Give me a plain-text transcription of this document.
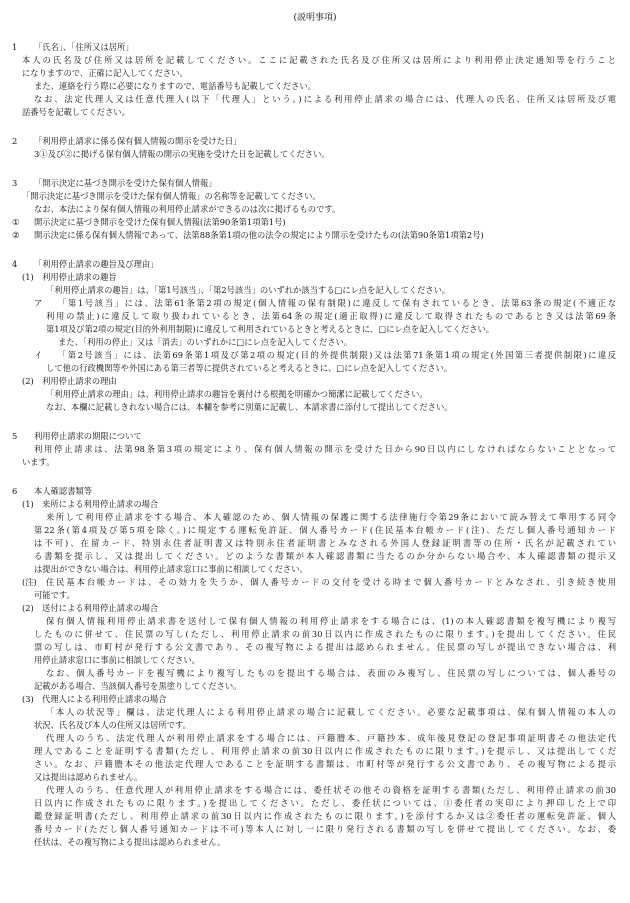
(説明事項)
1 「氏名」、「住所又は居所」
本人の氏名及び住所又は居所を記載してください。ここに記載された氏名及び住所又は居所により利用停止決定通知等を行うこと
になりますので、正確に記入してください。
また、連絡を行う際に必要になりますので、電話番号も記載してください。
なお、法定代理人又は任意代理人(以下「代理人」という。)による利用停止請求の場合には、代理人の氏名、住所又は居所及び電
話番号を記載してください。
2 「利用停止請求に係る保有個人情報の開示を受けた日」
3①及び②に掲げる保有個人情報の開示の実施を受けた日を記載してください。
3 「開示決定に基づき開示を受けた保有個人情報」
「開示決定に基づき開示を受けた保有個人情報」の名称等を記載してください。
なお、本法により保有個人情報の利用停止請求ができるのは次に掲げるものです。
① 開示決定に基づき開示を受けた保有個人情報(法第90条第1項第1号)
② 開示決定に係る保有個人情報であって、法第88条第1項の他の法令の規定により開示を受けたもの(法第90条第1項第2号)
4 「利用停止請求の趣旨及び理由」
(1)　利用停止請求の趣旨
「利用停止請求の趣旨」は、「第1号該当」、「第2号該当」のいずれか該当する□にレ点を記入してください。
ア 「第1号該当」には、法第61条第2項の規定(個人情報の保有制限)に違反して保有されているとき、法第63条の規定(不適正な
利用の禁止)に違反して取り扱われているとき、法第64条の規定(適正取得)に違反して取得されたものであるとき又は法第69条
第1項及び第2項の規定(目的外利用制限)に違反して利用されているときと考えるときに、□にレ点を記入してください。
また、「利用の停止」又は「消去」のいずれかに□にレ点を記入してください。
イ 「第2号該当」には、法第69条第1項及び第2項の規定(目的外提供制限)又は法第71条第1項の規定(外国第三者提供制限)に違反
して他の行政機関等や外国にある第三者等に提供されていると考えるときに、□にレ点を記入してください。
(2)　利用停止請求の理由
「利用停止請求の理由」は、利用停止請求の趣旨を裏付ける根拠を明確かつ簡潔に記載してください。
なお、本欄に記載しきれない場合には、本欄を参考に別葉に記載し、本請求書に添付して提出してください。
5 利用停止請求の期限について
利用停止請求は、法第98条第3項の規定により、保有個人情報の開示を受けた日から90日以内にしなければならないこととなって
います。
6 本人確認書類等
(1)　来所による利用停止請求の場合
来所して利用停止請求をする場合、本人確認のため、個人情報の保護に関する法律施行令第29条において読み替えて準用する同令
第22条(第4項及び第5項を除く。)に規定する運転免許証、個人番号カード(住民基本台帳カード(注)、ただし個人番号通知カード
は不可)、在留カード、特別永住者証明書又は特別永住者証明書とみなされる外国人登録証明書等の住所・氏名が記載されてい
る書類を提示し、又は提出してください。どのような書類が本人確認書類に当たるのか分からない場合や、本人確認書類の提示又
は提出ができない場合は、利用停止請求窓口に事前に相談してください。
(注) 住民基本台帳カードは、その効力を失うか、個人番号カードの交付を受ける時まで個人番号カードとみなされ、引き続き使用
可能です。
(2)　送付による利用停止請求の場合
保有個人情報利用停止請求書を送付して保有個人情報の利用停止請求をする場合には、(1)の本人確認書類を複写機により複写
したものに併せて、住民票の写し(ただし、利用停止請求の前30日以内に作成されたものに限ります。)を提出してください。住民
票の写しは、市町村が発行する公文書であり、その複写物による提出は認められません。住民票の写しが提出できない場合は、利
用停止請求窓口に事前に相談してください。
なお、個人番号カードを複写機により複写したものを提出する場合は、表面のみ複写し、住民票の写しについては、個人番号の
記載がある場合、当該個人番号を黒塗りしてください。
(3)　代理人による利用停止請求の場合
「本人の状況等」欄は、法定代理人による利用停止請求の場合に記載してください。必要な記載事項は、保有個人情報の本人の
状況、氏名及び本人の住所又は居所です。
代理人のうち、法定代理人が利用停止請求をする場合には、戸籍謄本、戸籍抄本、成年後見登記の登記事項証明書その他法定代
理人であることを証明する書類(ただし、利用停止請求の前30日以内に作成されたものに限ります。)を提示し、又は提出してくだ
さい。なお、戸籍謄本その他法定代理人であることを証明する書類は、市町村等が発行する公文書であり、その複写物による提示
又は提出は認められません。
代理人のうち、任意代理人が利用停止請求をする場合には、委任状その他その資格を証明する書類(ただし、利用停止請求の前30
日以内に作成されたものに限ります。)を提出してください。ただし、委任状については、①委任者の実印により押印した上で印
鑑登録証明書(ただし、利用停止請求の前30日以内に作成されたものに限ります。)を添付するか又は②委任者の運転免許証、個人
番号カード(ただし個人番号通知カードは不可)等本人に対し一に限り発行される書類の写しを併せて提出してください。なお、委
任状は、その複写物による提出は認められません。
